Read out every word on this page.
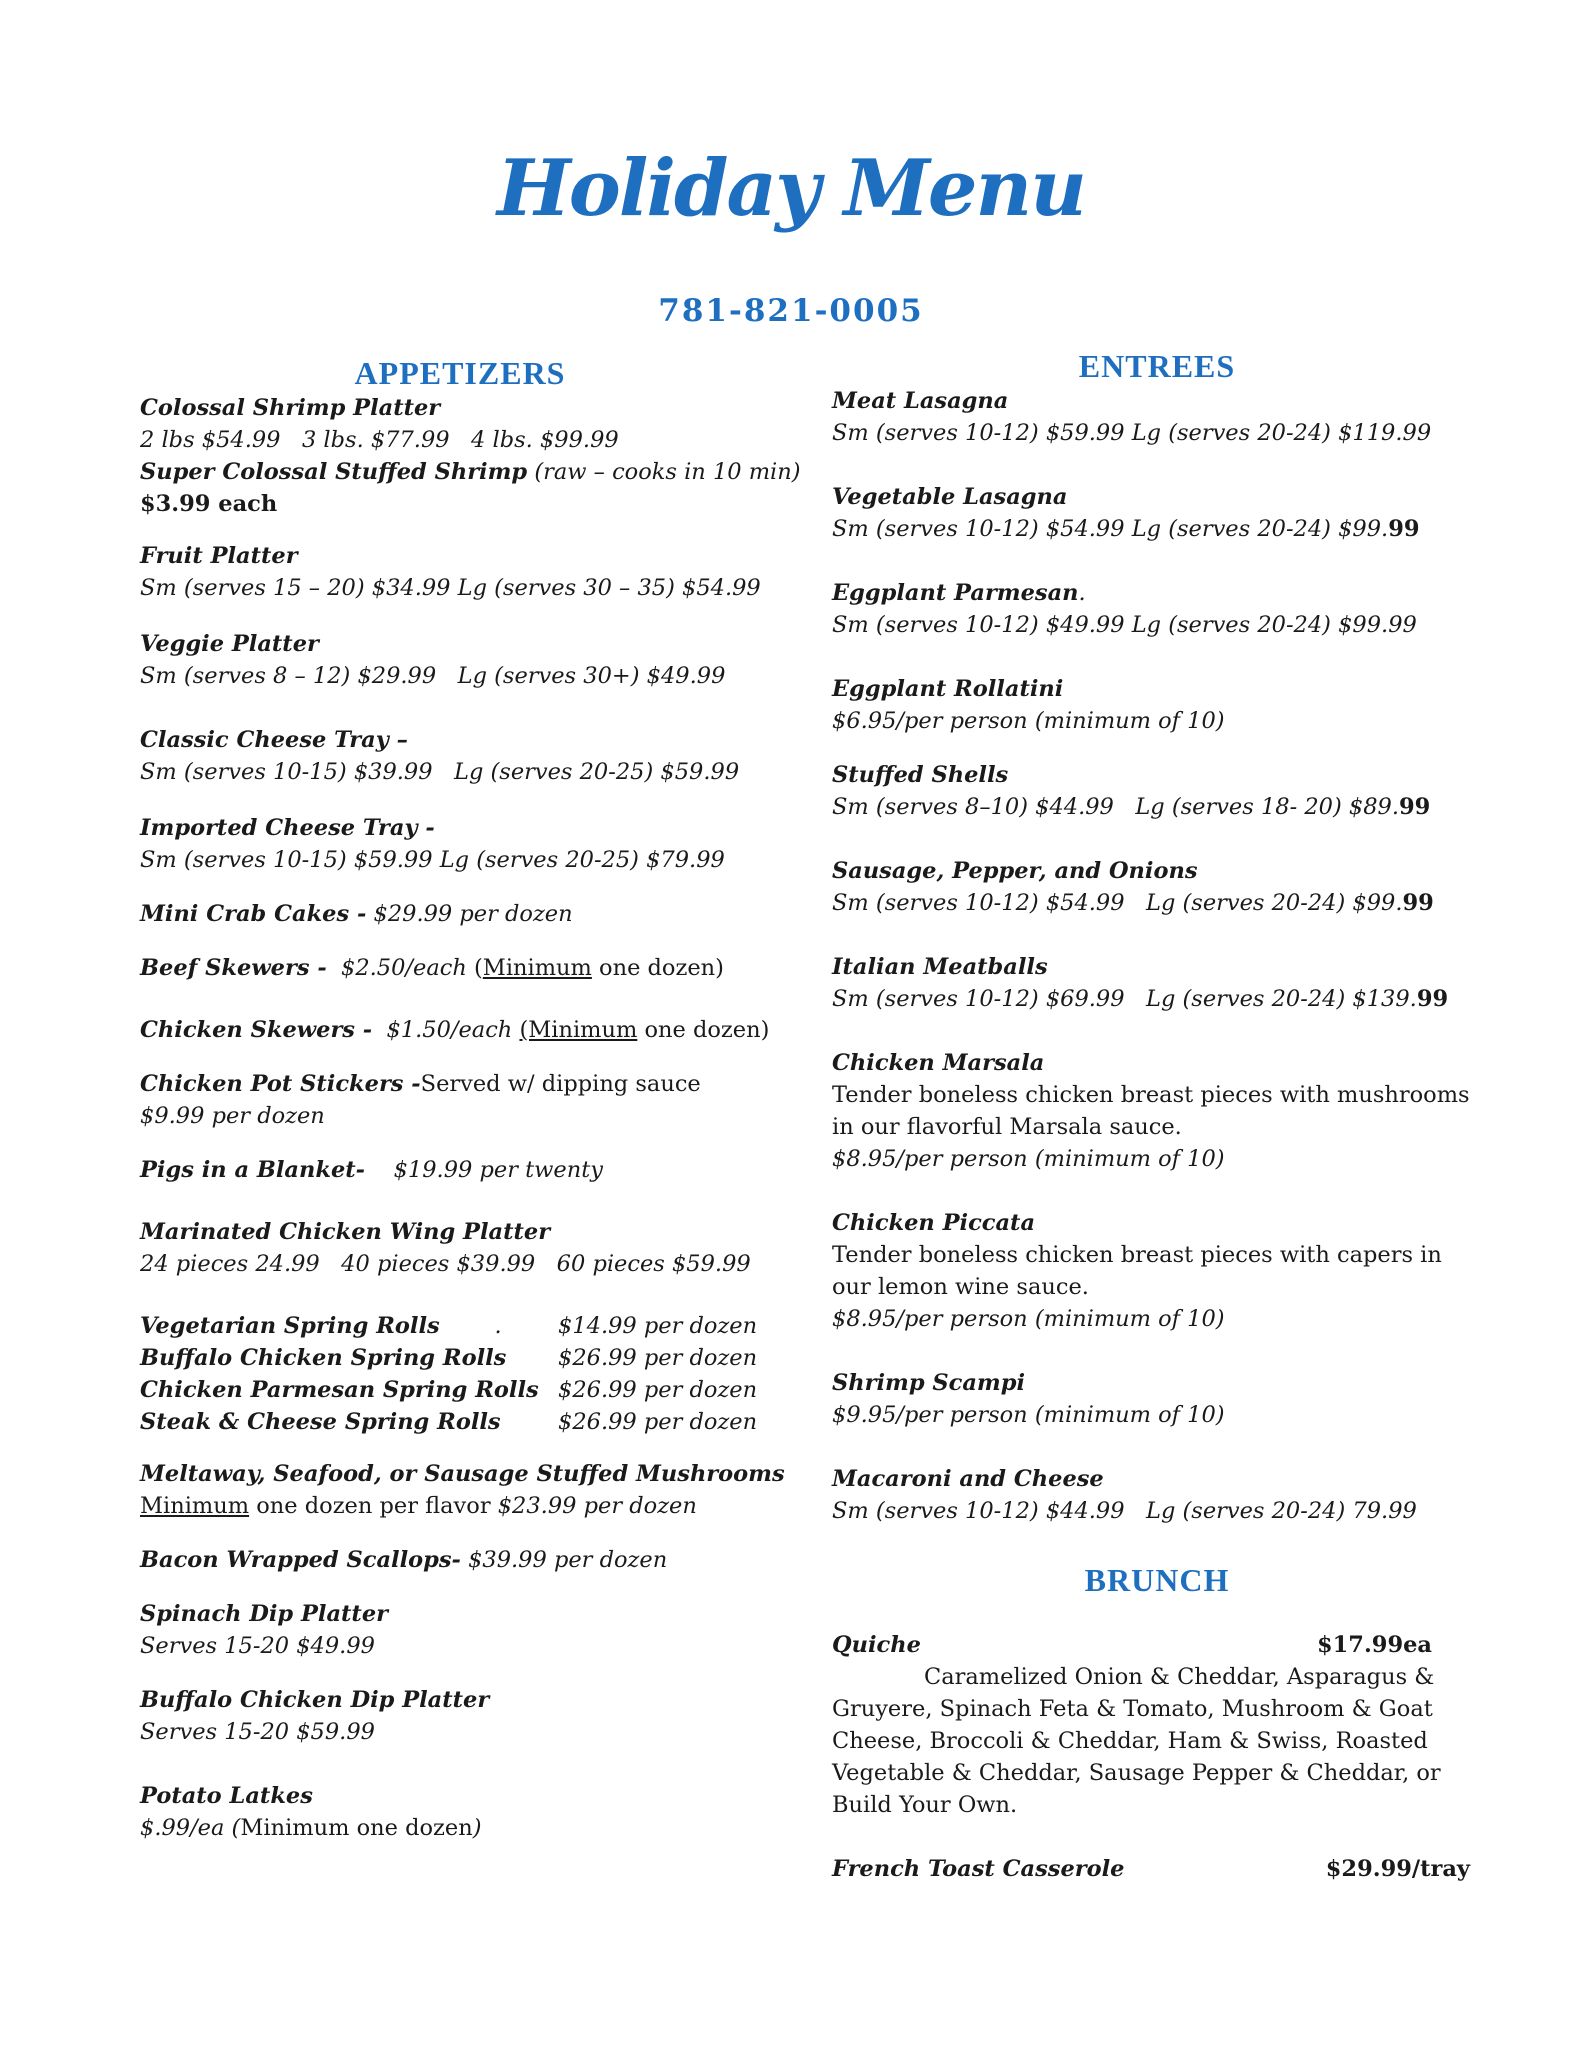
Holiday Menu
781-821-0005
APPETIZERS
Colossal Shrimp Platter
2 lbs $54.99   3 lbs. $77.99   4 lbs. $99.99
Super Colossal Stuffed Shrimp (raw – cooks in 10 min)
$3.99 each
Fruit Platter
Sm (serves 15 – 20) $34.99 Lg (serves 30 – 35) $54.99
Veggie Platter
Sm (serves 8 – 12) $29.99   Lg (serves 30+) $49.99
Classic Cheese Tray –
Sm (serves 10-15) $39.99   Lg (serves 20-25) $59.99
Imported Cheese Tray -
Sm (serves 10-15) $59.99 Lg (serves 20-25) $79.99
Mini Crab Cakes - $29.99 per dozen
Beef Skewers - $2.50/each (Minimum one dozen)
Chicken Skewers - $1.50/each (Minimum one dozen)
Chicken Pot Stickers -Served w/ dipping sauce
$9.99 per dozen
Pigs in a Blanket- $19.99 per twenty
Marinated Chicken Wing Platter
24 pieces 24.99   40 pieces $39.99   60 pieces $59.99
Vegetarian Spring Rolls .	$14.99 per dozen
Buffalo Chicken Spring Rolls	$26.99 per dozen
Chicken Parmesan Spring Rolls $26.99 per dozen
Steak & Cheese Spring Rolls	$26.99 per dozen
Meltaway, Seafood, or Sausage Stuffed Mushrooms
Minimum one dozen per flavor $23.99 per dozen
Bacon Wrapped Scallops- $39.99 per dozen
Spinach Dip Platter
Serves 15-20 $49.99
Buffalo Chicken Dip Platter
Serves 15-20 $59.99
Potato Latkes
$.99/ea (Minimum one dozen)
ENTREES
Meat Lasagna
Sm (serves 10-12) $59.99 Lg (serves 20-24) $119.99
Vegetable Lasagna
Sm (serves 10-12) $54.99 Lg (serves 20-24) $99.99
Eggplant Parmesan.
Sm (serves 10-12) $49.99 Lg (serves 20-24) $99.99
Eggplant Rollatini
$6.95/per person (minimum of 10)
Stuffed Shells
Sm (serves 8–10) $44.99   Lg (serves 18- 20) $89.99
Sausage, Pepper, and Onions
Sm (serves 10-12) $54.99   Lg (serves 20-24) $99.99
Italian Meatballs
Sm (serves 10-12) $69.99   Lg (serves 20-24) $139.99
Chicken Marsala
Tender boneless chicken breast pieces with mushrooms
in our flavorful Marsala sauce.
$8.95/per person (minimum of 10)
Chicken Piccata
Tender boneless chicken breast pieces with capers in
our lemon wine sauce.
$8.95/per person (minimum of 10)
Shrimp Scampi
$9.95/per person (minimum of 10)
Macaroni and Cheese
Sm (serves 10-12) $44.99   Lg (serves 20-24) 79.99
BRUNCH
Quiche	$17.99ea
Caramelized Onion & Cheddar, Asparagus &
Gruyere, Spinach Feta & Tomato, Mushroom & Goat
Cheese, Broccoli & Cheddar, Ham & Swiss, Roasted
Vegetable & Cheddar, Sausage Pepper & Cheddar, or
Build Your Own.
French Toast Casserole	$29.99/tray
